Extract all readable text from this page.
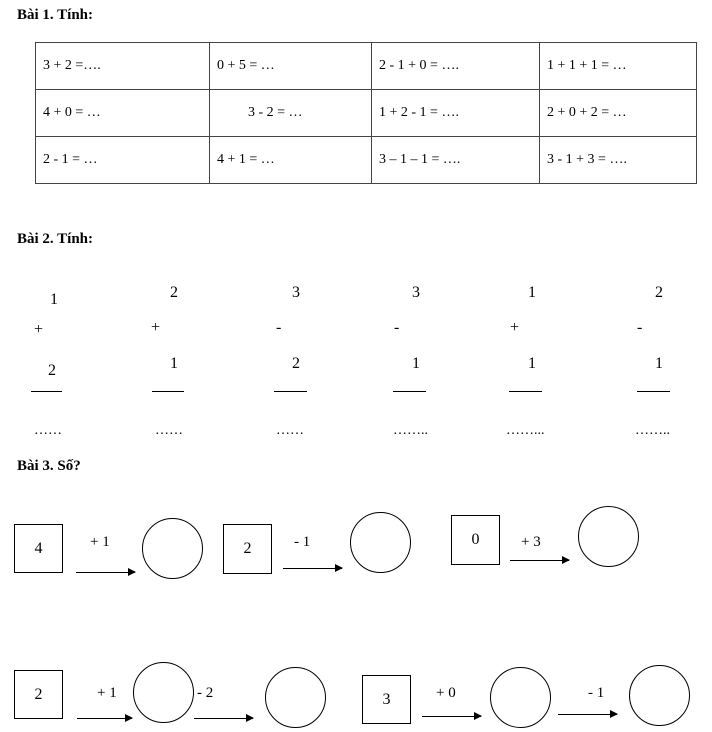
Bài 1. Tính:
3 + 2 =….	0 + 5 = …	2 - 1 + 0 = ….	1 + 1 + 1 = …
4 + 0 = …	3 - 2 = …	1 + 2 - 1 = ….	2 + 0 + 2 = …
2 - 1 = …	4 + 1 = …	3 – 1 – 1 = ….	3 - 1 + 3 = ….
Bài 2. Tính:
1
+
2
……
2
+
1
……
3
-
2
……
3
-
1
……..
1
+
1
……...
2
-
1
……..
Bài 3. Số?
4	+ 1	2	- 1	0	+ 3
2	+ 1	- 2	3	+ 0	- 1
